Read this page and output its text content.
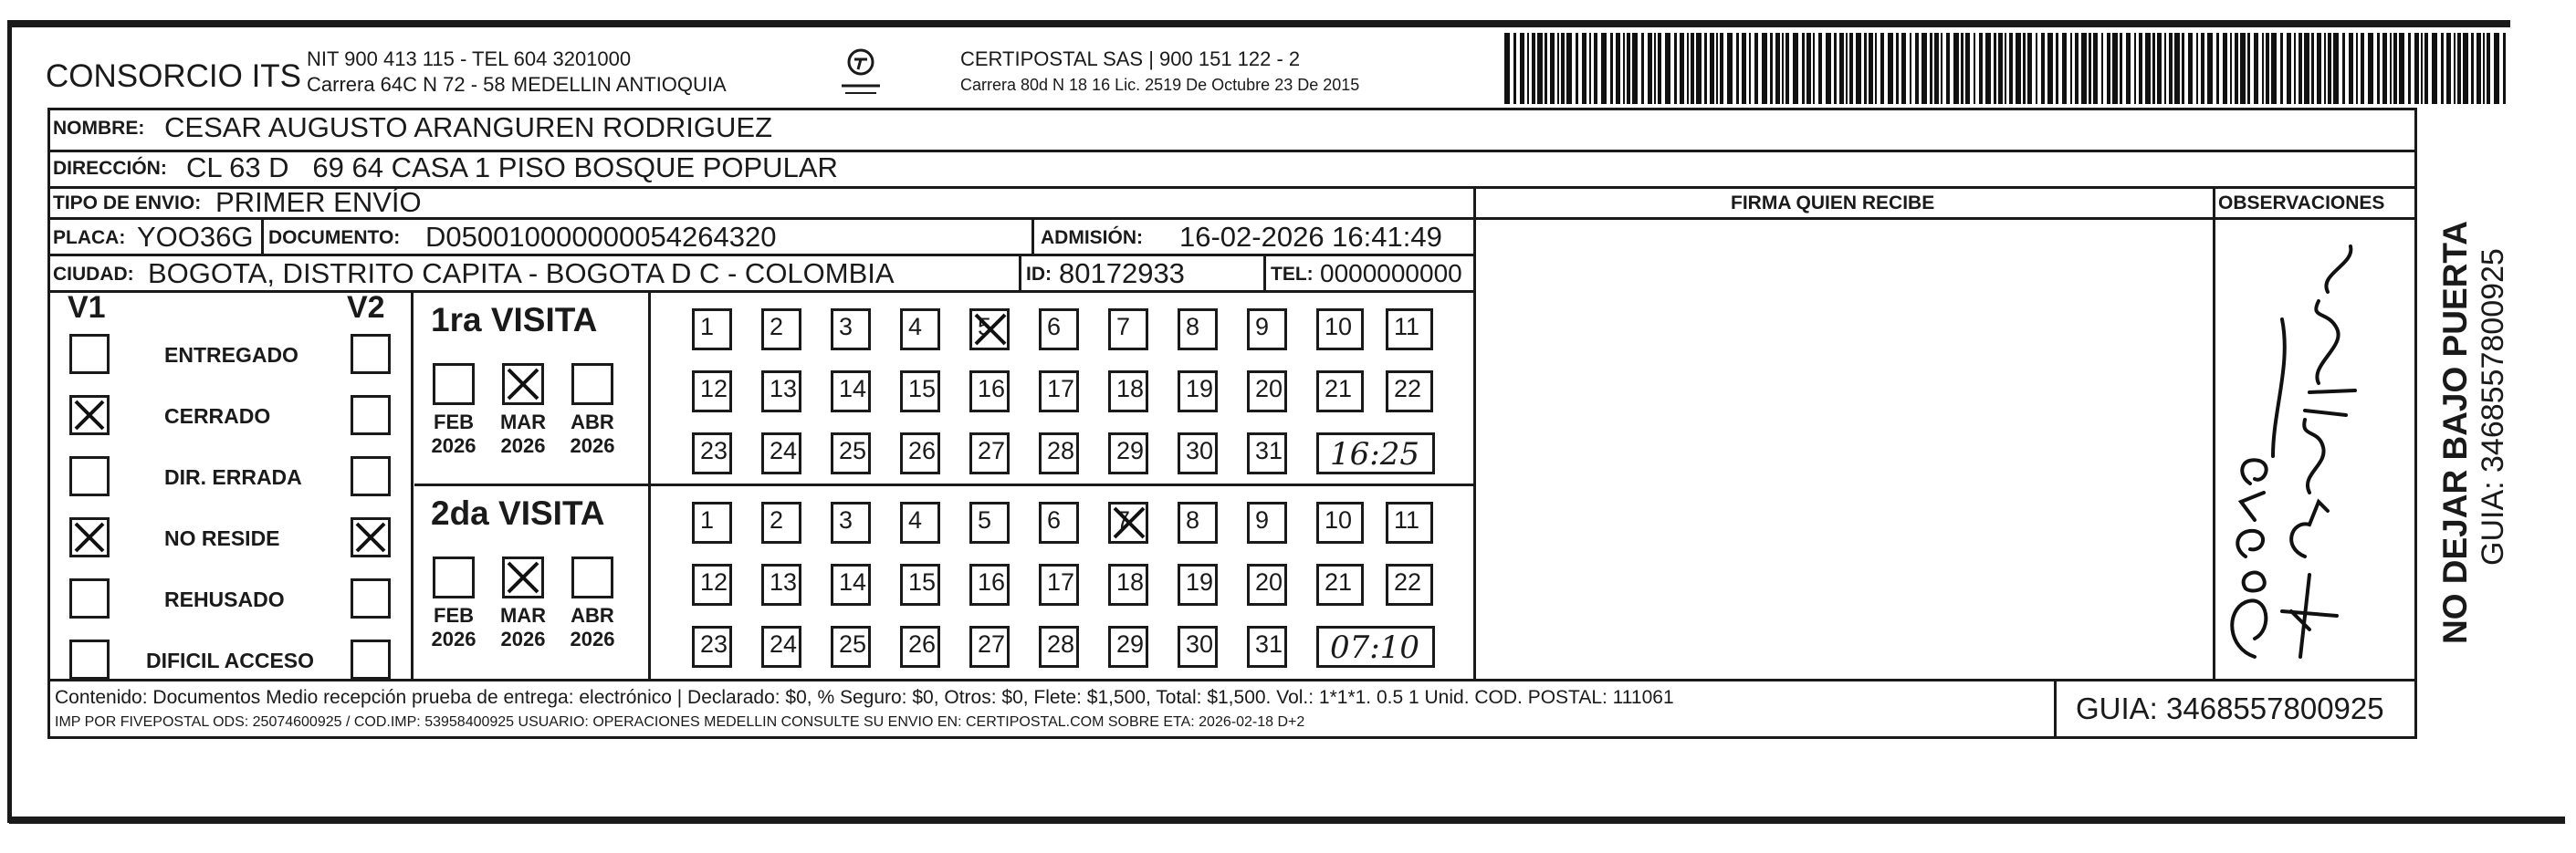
CONSORCIO ITS NIT 900 413 115 - TEL 604 3201000
Carrera 64C N 72 - 58 MEDELLIN ANTIOQUIA
CERTIPOSTAL SAS | 900 151 122 - 2
Carrera 80d N 18 16 Lic. 2519 De Octubre 23 De 2015
NOMBRE: CESAR AUGUSTO ARANGUREN RODRIGUEZ
DIRECCIÓN: CL 63 D   69 64 CASA 1 PISO BOSQUE POPULAR
TIPO DE ENVIO: PRIMER ENVÍO	FIRMA QUIEN RECIBE	OBSERVACIONES
PLACA: YOO36G DOCUMENTO: D050010000000054264320	ADMISIÓN: 16-02-2026 16:41:49
CIUDAD: BOGOTA, DISTRITO CAPITA - BOGOTA D C - COLOMBIA	ID: 80172933	TEL: 0000000000
V1	V2
ENTREGADO
CERRADO
DIR. ERRADA
NO RESIDE
REHUSADO
DIFICIL ACCESO
1ra VISITA
FEB
2026
MAR
2026
ABR
2026
1	2	3	4	5	6	7	8	9	10	11
12	13	14	15	16	17	18	19	20	21	22
23	24	25	26	27	28	29	30	31 16:25
2da VISITA
FEB
2026
MAR
2026
ABR
2026
1	2	3	4	5	6	7	8	9	10	11
12	13	14	15	16	17	18	19	20	21	22
23	24	25	26	27	28	29	30	31 07:10
Contenido: Documentos Medio recepción prueba de entrega: electrónico | Declarado: $0, % Seguro: $0, Otros: $0, Flete: $1,500, Total: $1,500. Vol.: 1*1*1. 0.5 1 Unid. COD. POSTAL: 111061
IMP POR FIVEPOSTAL ODS: 25074600925 / COD.IMP: 53958400925 USUARIO: OPERACIONES MEDELLIN CONSULTE SU ENVIO EN: CERTIPOSTAL.COM SOBRE ETA: 2026-02-18 D+2	GUIA: 3468557800925
NO DEJAR BAJO PUERTA GUIA: 3468557800925
